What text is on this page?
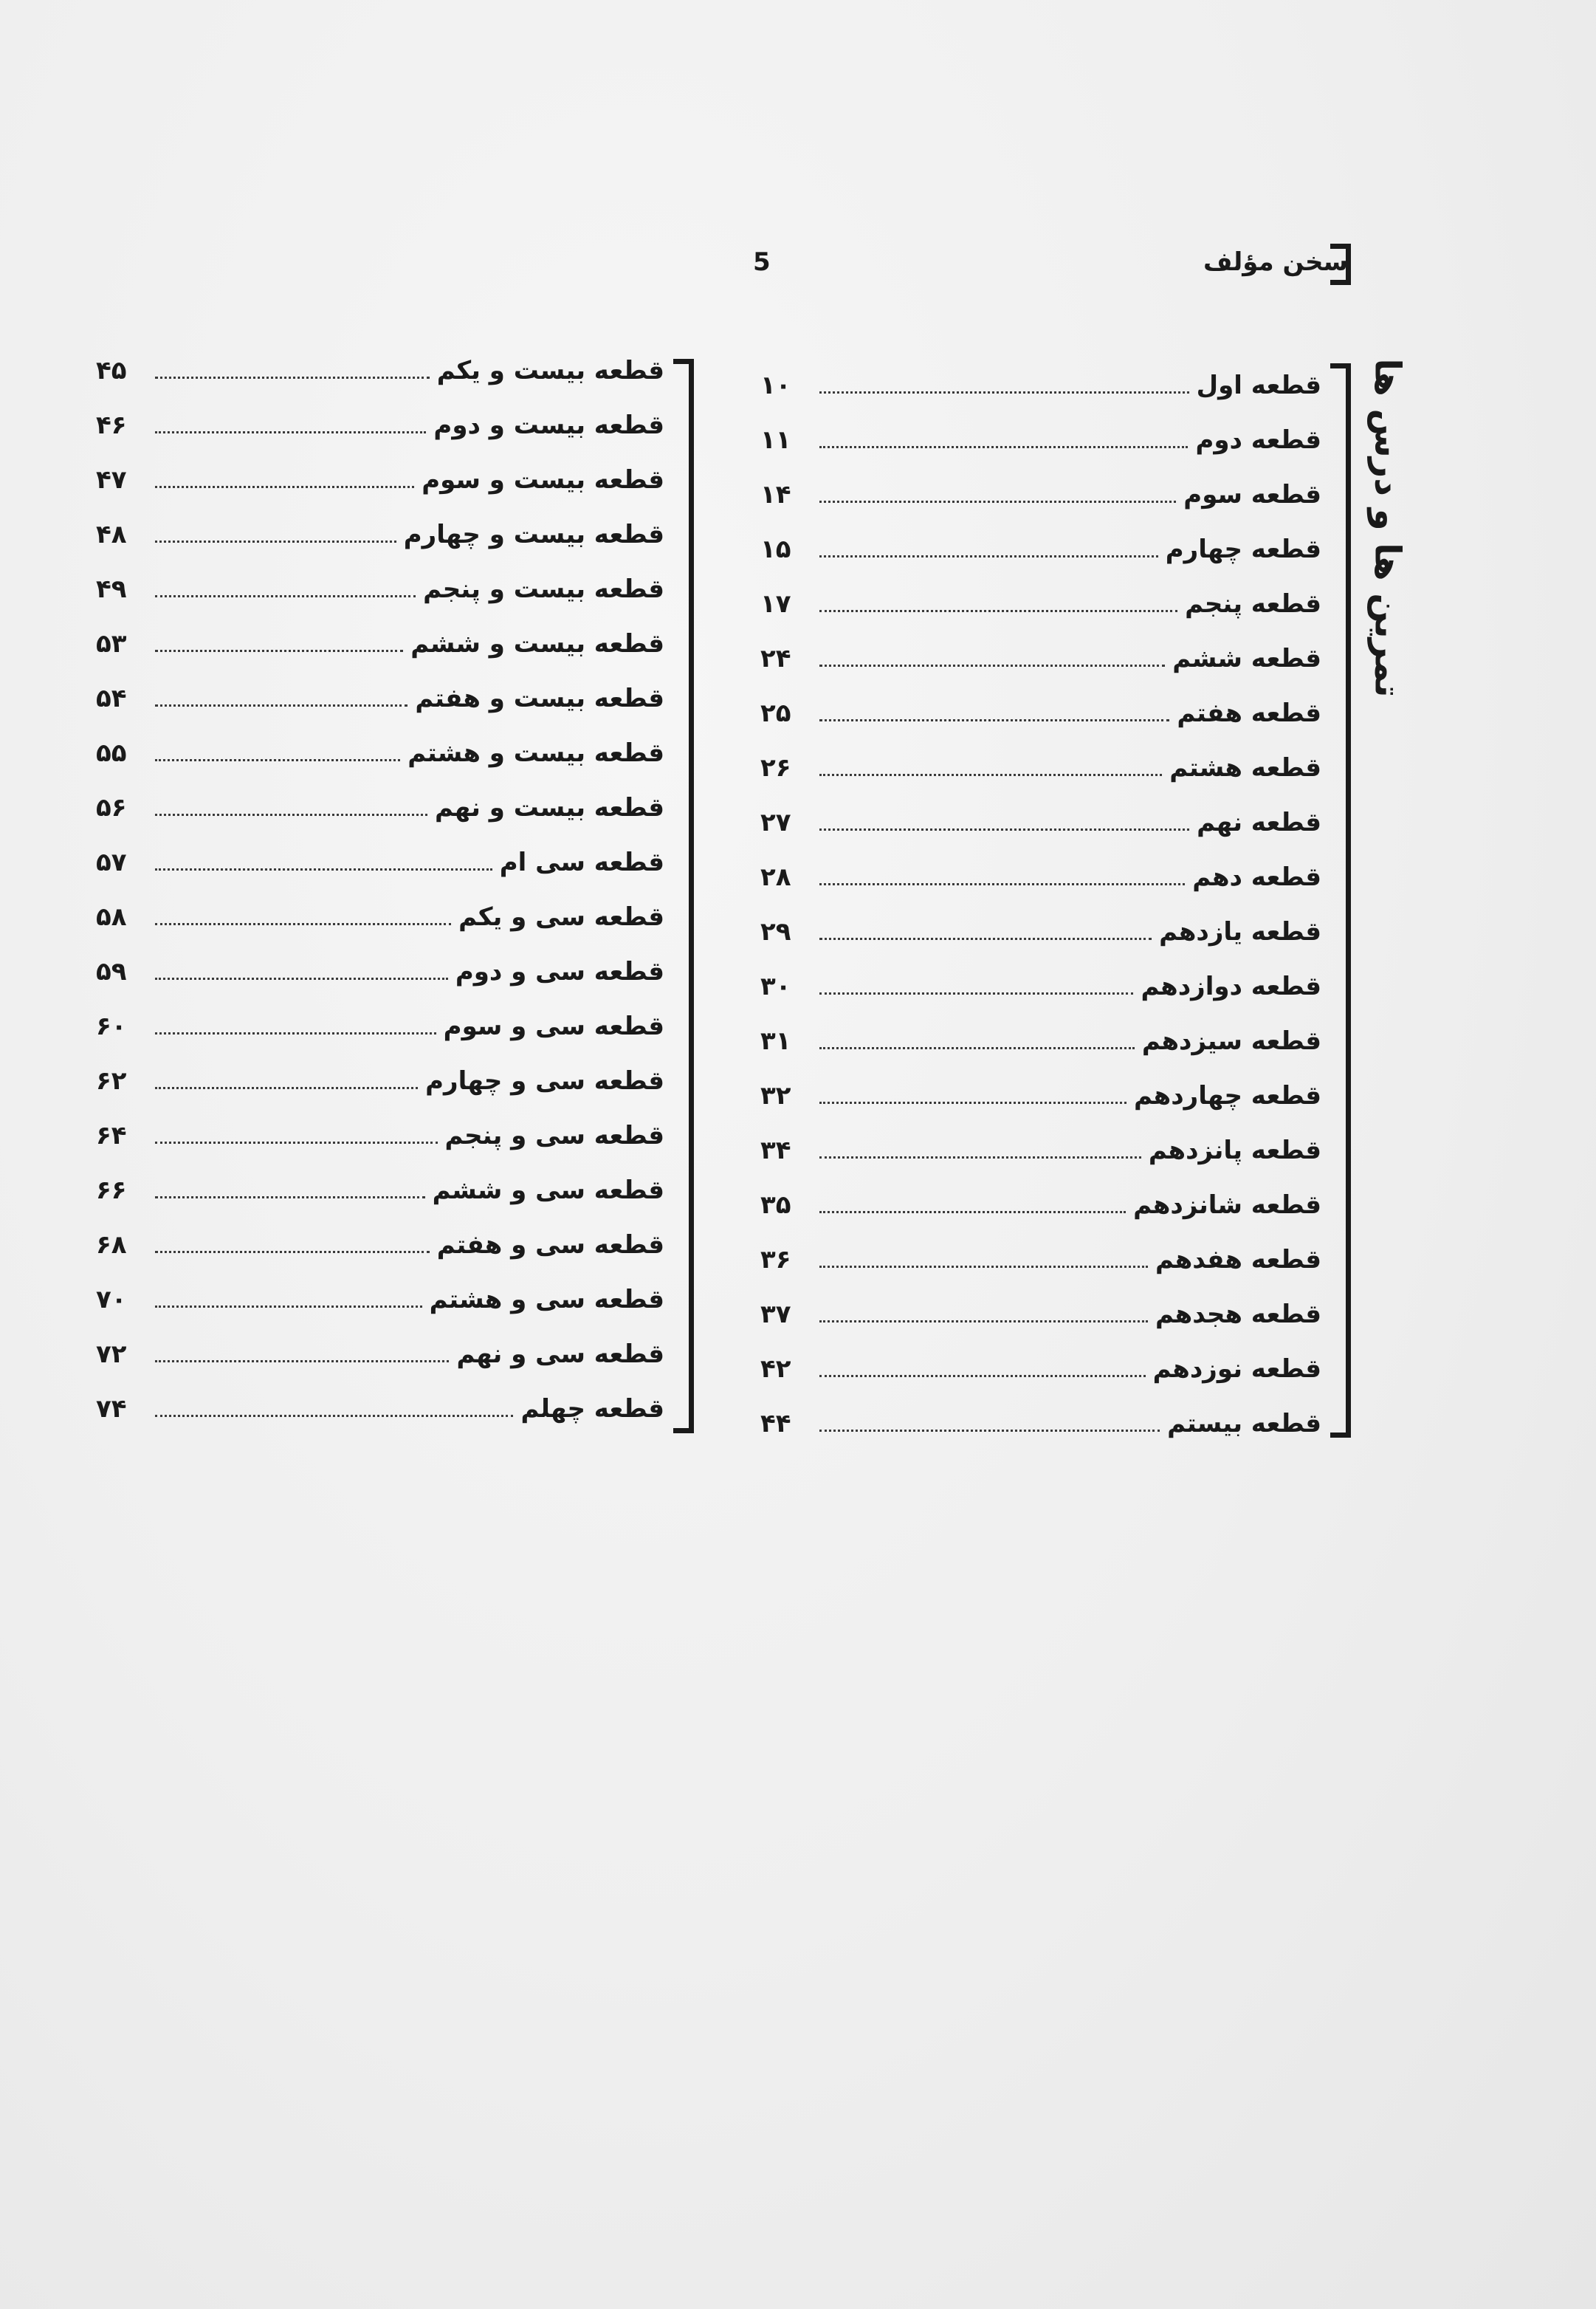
5	سخن مؤلف
تمرین ها و درس ها
۱۰	قطعه اول
۱۱	قطعه دوم
۱۴	قطعه سوم
۱۵	قطعه چهارم
۱۷	قطعه پنجم
۲۴	قطعه ششم
۲۵	قطعه هفتم
۲۶	قطعه هشتم
۲۷	قطعه نهم
۲۸	قطعه دهم
۲۹	قطعه یازدهم
۳۰	قطعه دوازدهم
۳۱	قطعه سیزدهم
۳۲	قطعه چهاردهم
۳۴	قطعه پانزدهم
۳۵	قطعه شانزدهم
۳۶	قطعه هفدهم
۳۷	قطعه هجدهم
۴۲	قطعه نوزدهم
۴۴	قطعه بیستم
۴۵	قطعه بیست و یکم
۴۶	قطعه بیست و دوم
۴۷	قطعه بیست و سوم
۴۸	قطعه بیست و چهارم
۴۹	قطعه بیست و پنجم
۵۳	قطعه بیست و ششم
۵۴	قطعه بیست و هفتم
۵۵	قطعه بیست و هشتم
۵۶	قطعه بیست و نهم
۵۷	قطعه سی ام
۵۸	قطعه سی و یکم
۵۹	قطعه سی و دوم
۶۰	قطعه سی و سوم
۶۲	قطعه سی و چهارم
۶۴	قطعه سی و پنجم
۶۶	قطعه سی و ششم
۶۸	قطعه سی و هفتم
۷۰	قطعه سی و هشتم
۷۲	قطعه سی و نهم
۷۴	قطعه چهلم
